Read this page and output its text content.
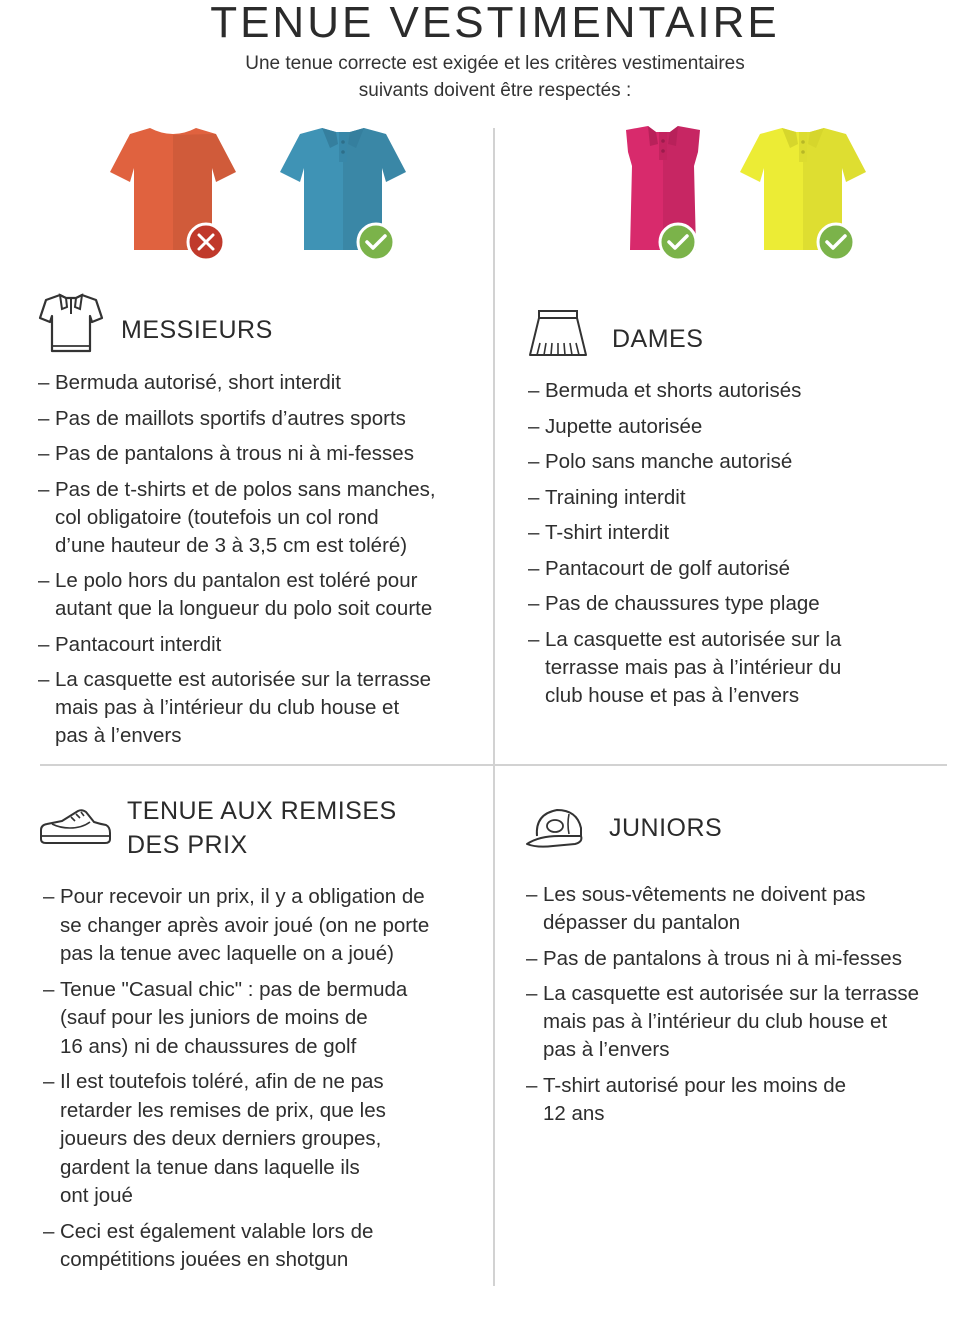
TENUE VESTIMENTAIRE
Une tenue correcte est exigée et les critères vestimentaires
suivants doivent être respectés :
MESSIEURS
– Bermuda autorisé, short interdit
– Pas de maillots sportifs d’autres sports
– Pas de pantalons à trous ni à mi-fesses
– Pas de t-shirts et de polos sans manches,
col obligatoire (toutefois un col rond
d’une hauteur de 3 à 3,5 cm est toléré)
– Le polo hors du pantalon est toléré pour
autant que la longueur du polo soit courte
– Pantacourt interdit
– La casquette est autorisée sur la terrasse
mais pas à l’intérieur du club house et
pas à l’envers
DAMES
– Bermuda et shorts autorisés
– Jupette autorisée
– Polo sans manche autorisé
– Training interdit
– T-shirt interdit
– Pantacourt de golf autorisé
– Pas de chaussures type plage
– La casquette est autorisée sur la
terrasse mais pas à l’intérieur du
club house et pas à l’envers
TENUE AUX REMISES
DES PRIX
– Pour recevoir un prix, il y a obligation de
se changer après avoir joué (on ne porte
pas la tenue avec laquelle on a joué)
– Tenue "Casual chic" : pas de bermuda
(sauf pour les juniors de moins de
16 ans) ni de chaussures de golf
– Il est toutefois toléré, afin de ne pas
retarder les remises de prix, que les
joueurs des deux derniers groupes,
gardent la tenue dans laquelle ils
ont joué
– Ceci est également valable lors de
compétitions jouées en shotgun
JUNIORS
– Les sous-vêtements ne doivent pas
dépasser du pantalon
– Pas de pantalons à trous ni à mi-fesses
– La casquette est autorisée sur la terrasse
mais pas à l’intérieur du club house et
pas à l’envers
– T-shirt autorisé pour les moins de
12 ans
